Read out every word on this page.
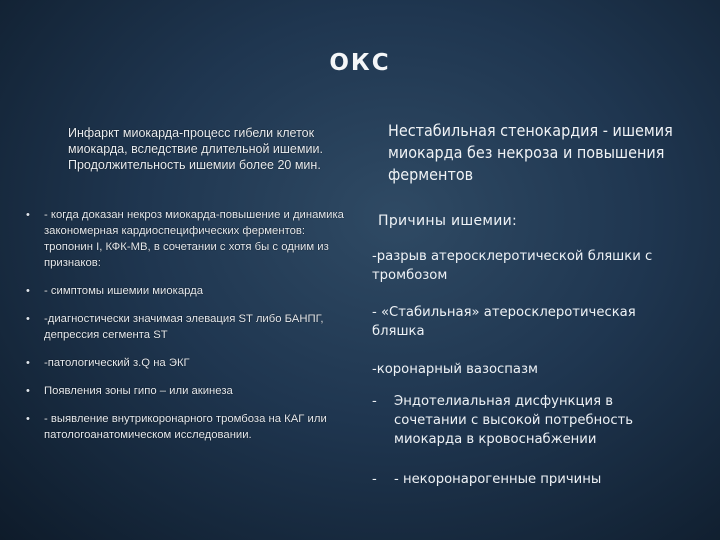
ОКС
Инфаркт миокарда-процесс гибели клеток миокарда, вследствие длительной ишемии. Продолжительность ишемии более 20 мин.
• - когда доказан некроз миокарда-повышение и динамика закономерная кардиоспецифических ферментов: тропонин I, КФК-МВ, в сочетании с хотя бы с одним из признаков:
• - симптомы ишемии миокарда
• -диагностически значимая элевация ST либо БАНПГ, депрессия сегмента ST
• -патологический з.Q на ЭКГ
• Появления зоны гипо – или акинеза
• - выявление внутрикоронарного тромбоза на КАГ или патологоанатомическом исследовании.
Нестабильная стенокардия - ишемия миокарда без некроза и повышения ферментов
Причины ишемии:
-разрыв атеросклеротической бляшки с тромбозом
- «Стабильная» атеросклеротическая бляшка
-коронарный вазоспазм
- Эндотелиальная дисфункция в сочетании с высокой потребность миокарда в кровоснабжении
- - некоронарогенные причины
